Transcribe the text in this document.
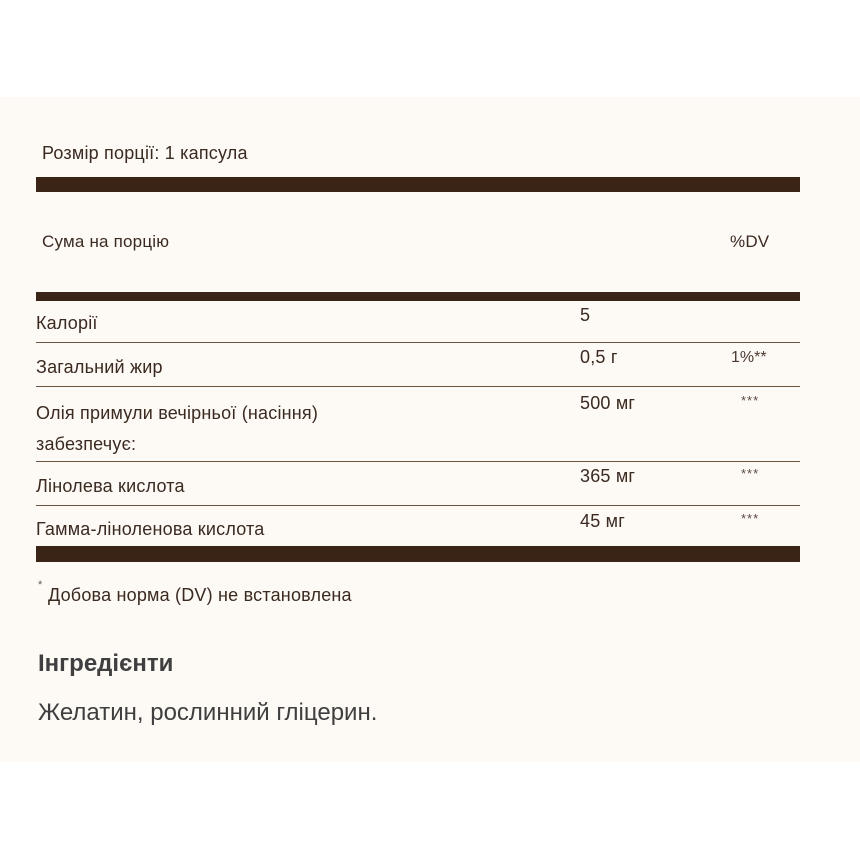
Розмір порції: 1 капсула
Сума на порцію	%DV
Калорії	5
Загальний жир	0,5 г	1%**
Олія примули вечірньої (насіння)
забезпечує:
500 мг	***
Лінолева кислота	365 мг	***
Гамма-ліноленова кислота	45 мг	***
* Добова норма (DV) не встановлена
Інгредієнти
Желатин, рослинний гліцерин.
